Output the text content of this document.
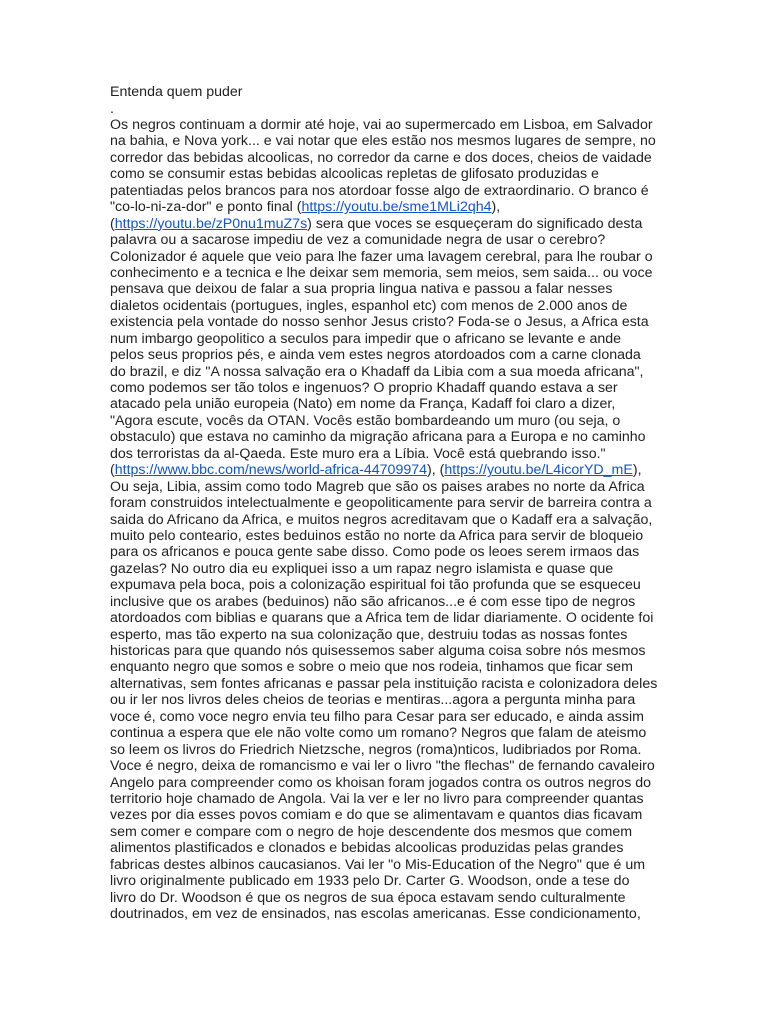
Entenda quem puder
.
Os negros continuam a dormir até hoje, vai ao supermercado em Lisboa, em Salvador
na bahia, e Nova york... e vai notar que eles estão nos mesmos lugares de sempre, no
corredor das bebidas alcoolicas, no corredor da carne e dos doces, cheios de vaidade
como se consumir estas bebidas alcoolicas repletas de glifosato produzidas e
patentiadas pelos brancos para nos atordoar fosse algo de extraordinario. O branco é
"co-lo-ni-za-dor" e ponto final (https://youtu.be/sme1MLi2qh4),
(https://youtu.be/zP0nu1muZ7s) sera que voces se esqueçeram do significado desta
palavra ou a sacarose impediu de vez a comunidade negra de usar o cerebro?
Colonizador é aquele que veio para lhe fazer uma lavagem cerebral, para lhe roubar o
conhecimento e a tecnica e lhe deixar sem memoria, sem meios, sem saida... ou voce
pensava que deixou de falar a sua propria lingua nativa e passou a falar nesses
dialetos ocidentais (portugues, ingles, espanhol etc) com menos de 2.000 anos de
existencia pela vontade do nosso senhor Jesus cristo? Foda-se o Jesus, a Africa esta
num imbargo geopolitico a seculos para impedir que o africano se levante e ande
pelos seus proprios pés, e ainda vem estes negros atordoados com a carne clonada
do brazil, e diz "A nossa salvação era o Khadaff da Libia com a sua moeda africana",
como podemos ser tão tolos e ingenuos? O proprio Khadaff quando estava a ser
atacado pela união europeia (Nato) em nome da França, Kadaff foi claro a dizer,
"Agora escute, vocês da OTAN. Vocês estão bombardeando um muro (ou seja, o
obstaculo) que estava no caminho da migração africana para a Europa e no caminho
dos terroristas da al-Qaeda. Este muro era a Líbia. Você está quebrando isso."
(https://www.bbc.com/news/world-africa-44709974), (https://youtu.be/L4icorYD_mE),
Ou seja, Libia, assim como todo Magreb que são os paises arabes no norte da Africa
foram construidos intelectualmente e geopoliticamente para servir de barreira contra a
saida do Africano da Africa, e muitos negros acreditavam que o Kadaff era a salvação,
muito pelo conteario, estes beduinos estão no norte da Africa para servir de bloqueio
para os africanos e pouca gente sabe disso. Como pode os leoes serem irmaos das
gazelas? No outro dia eu expliquei isso a um rapaz negro islamista e quase que
expumava pela boca, pois a colonização espiritual foi tão profunda que se esqueceu
inclusive que os arabes (beduinos) não são africanos...e é com esse tipo de negros
atordoados com biblias e quarans que a Africa tem de lidar diariamente. O ocidente foi
esperto, mas tão experto na sua colonização que, destruiu todas as nossas fontes
historicas para que quando nós quisessemos saber alguma coisa sobre nós mesmos
enquanto negro que somos e sobre o meio que nos rodeia, tinhamos que ficar sem
alternativas, sem fontes africanas e passar pela instituição racista e colonizadora deles
ou ir ler nos livros deles cheios de teorias e mentiras...agora a pergunta minha para
voce é, como voce negro envia teu filho para Cesar para ser educado, e ainda assim
continua a espera que ele não volte como um romano? Negros que falam de ateismo
so leem os livros do Friedrich Nietzsche, negros (roma)nticos, ludibriados por Roma.
Voce é negro, deixa de romancismo e vai ler o livro "the flechas" de fernando cavaleiro
Angelo para compreender como os khoisan foram jogados contra os outros negros do
territorio hoje chamado de Angola. Vai la ver e ler no livro para compreender quantas
vezes por dia esses povos comiam e do que se alimentavam e quantos dias ficavam
sem comer e compare com o negro de hoje descendente dos mesmos que comem
alimentos plastificados e clonados e bebidas alcoolicas produzidas pelas grandes
fabricas destes albinos caucasianos. Vai ler "o Mis-Education of the Negro" que é um
livro originalmente publicado em 1933 pelo Dr. Carter G. Woodson, onde a tese do
livro do Dr. Woodson é que os negros de sua época estavam sendo culturalmente
doutrinados, em vez de ensinados, nas escolas americanas. Esse condicionamento,
